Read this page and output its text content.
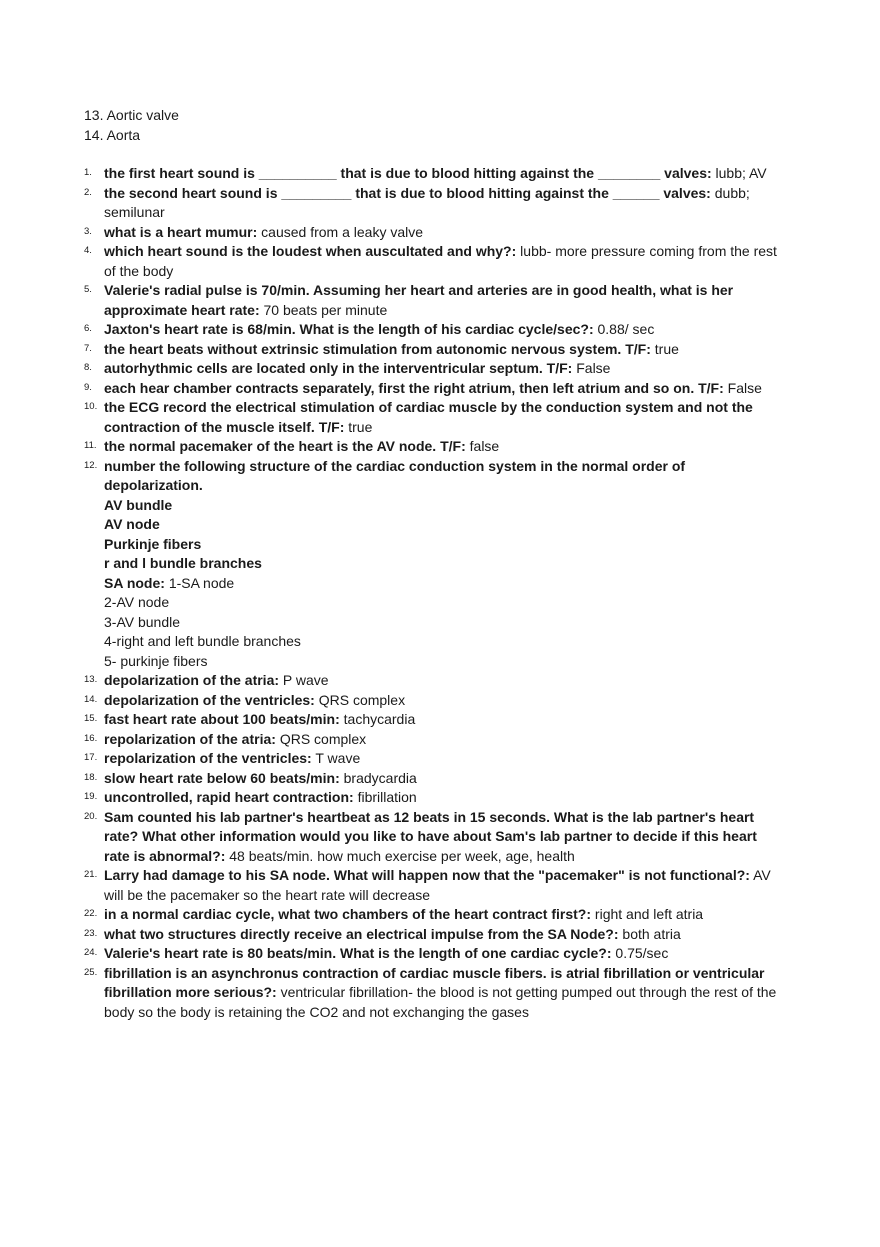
13. Aortic valve
14. Aorta
1. the first heart sound is __________ that is due to blood hitting against the ________ valves: lubb; AV
2. the second heart sound is _________ that is due to blood hitting against the ______ valves: dubb; semilunar
3. what is a heart mumur: caused from a leaky valve
4. which heart sound is the loudest when auscultated and why?: lubb- more pressure coming from the rest of the body
5. Valerie's radial pulse is 70/min. Assuming her heart and arteries are in good health, what is her approximate heart rate: 70 beats per minute
6. Jaxton's heart rate is 68/min. What is the length of his cardiac cycle/sec?: 0.88/ sec
7. the heart beats without extrinsic stimulation from autonomic nervous system. T/F: true
8. autorhythmic cells are located only in the interventricular septum. T/F: False
9. each hear chamber contracts separately, first the right atrium, then left atrium and so on. T/F: False
10. the ECG record the electrical stimulation of cardiac muscle by the conduction system and not the contraction of the muscle itself. T/F: true
11. the normal pacemaker of the heart is the AV node. T/F: false
12. number the following structure of the cardiac conduction system in the normal order of depolarization.
AV bundle
AV node
Purkinje fibers
r and l bundle branches
SA node: 1-SA node
2-AV node
3-AV bundle
4-right and left bundle branches
5- purkinje fibers
13. depolarization of the atria: P wave
14. depolarization of the ventricles: QRS complex
15. fast heart rate about 100 beats/min: tachycardia
16. repolarization of the atria: QRS complex
17. repolarization of the ventricles: T wave
18. slow heart rate below 60 beats/min: bradycardia
19. uncontrolled, rapid heart contraction: fibrillation
20. Sam counted his lab partner's heartbeat as 12 beats in 15 seconds. What is the lab partner's heart rate? What other information would you like to have about Sam's lab partner to decide if this heart rate is abnormal?: 48 beats/min. how much exercise per week, age, health
21. Larry had damage to his SA node. What will happen now that the "pacemaker" is not functional?: AV will be the pacemaker so the heart rate will decrease
22. in a normal cardiac cycle, what two chambers of the heart contract first?: right and left atria
23. what two structures directly receive an electrical impulse from the SA Node?: both atria
24. Valerie's heart rate is 80 beats/min. What is the length of one cardiac cycle?: 0.75/sec
25. fibrillation is an asynchronus contraction of cardiac muscle fibers. is atrial fibrillation or ventricular fibrillation more serious?: ventricular fibrillation- the blood is not getting pumped out through the rest of the body so the body is retaining the CO2 and not exchanging the gases
